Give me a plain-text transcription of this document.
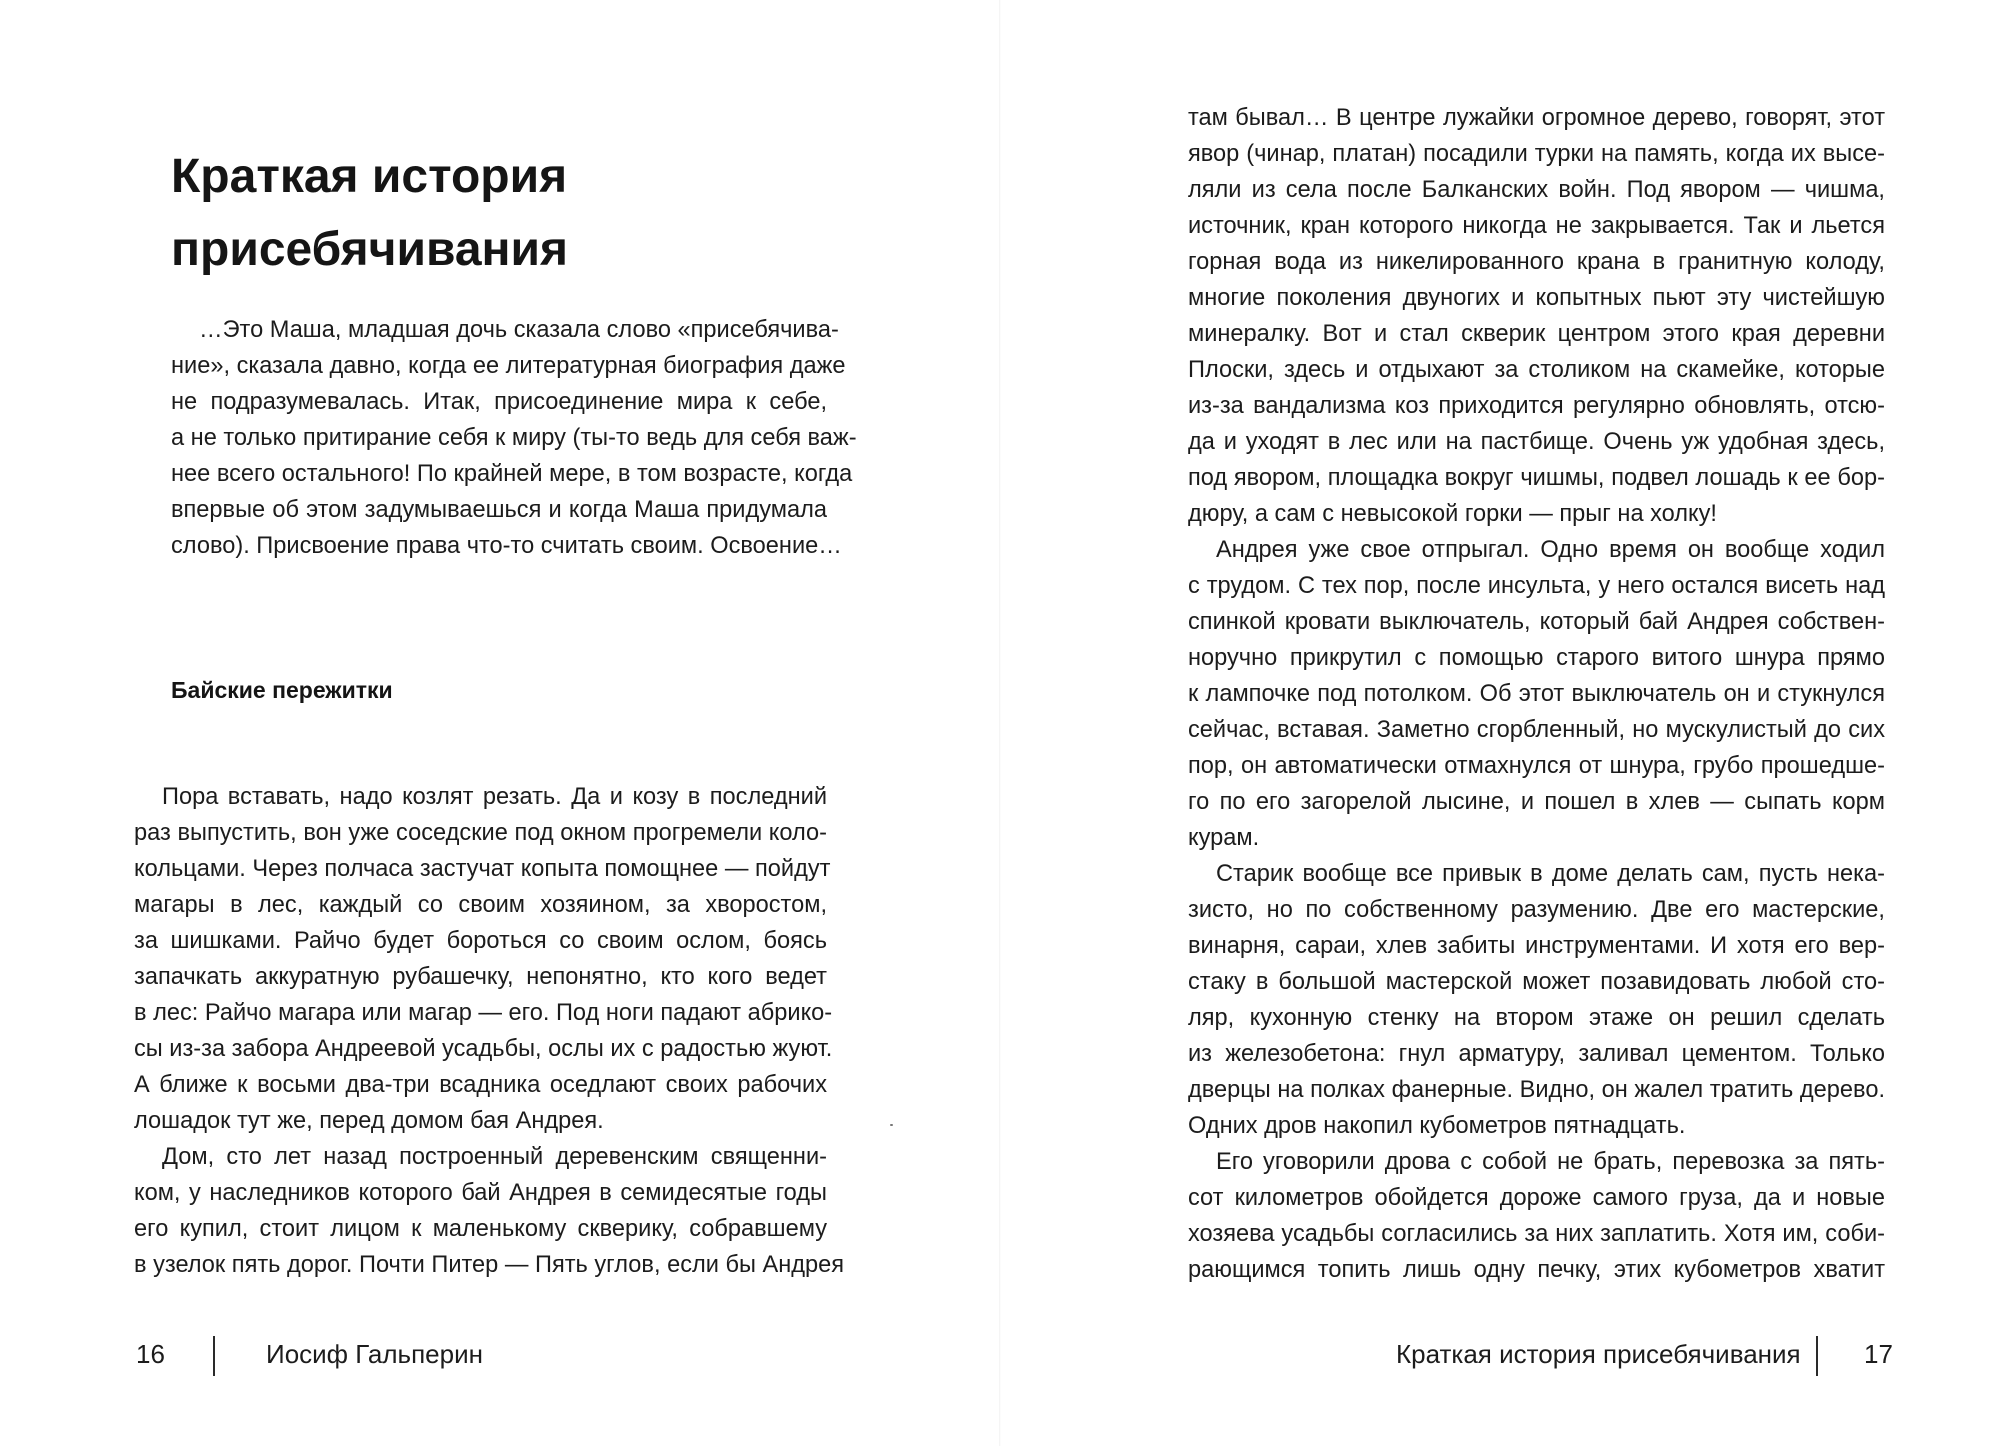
Краткая история
присебячивания
…Это Маша, младшая дочь сказала слово «присебячива-
ние», сказала давно, когда ее литературная биография даже
не подразумевалась. Итак, присоединение мира к себе,
а не только притирание себя к миру (ты-то ведь для себя важ-
нее всего остального! По крайней мере, в том возрасте, когда
впервые об этом задумываешься и когда Маша придумала
слово). Присвоение права что-то считать своим. Освоение…
Байские пережитки
Пора вставать, надо козлят резать. Да и козу в последний
раз выпустить, вон уже соседские под окном прогремели коло-
кольцами. Через полчаса застучат копыта помощнее — пойдут
магары в лес, каждый со своим хозяином, за хворостом,
за шишками. Райчо будет бороться со своим ослом, боясь
запачкать аккуратную рубашечку, непонятно, кто кого ведет
в лес: Райчо магара или магар — его. Под ноги падают абрико-
сы из-за забора Андреевой усадьбы, ослы их с радостью жуют.
А ближе к восьми два-три всадника оседлают своих рабочих
лошадок тут же, перед домом бая Андрея.
Дом, сто лет назад построенный деревенским священни-
ком, у наследников которого бай Андрея в семидесятые годы
его купил, стоит лицом к маленькому скверику, собравшему
в узелок пять дорог. Почти Питер — Пять углов, если бы Андрея
16	Иосиф Гальперин
там бывал… В центре лужайки огромное дерево, говорят, этот
явор (чинар, платан) посадили турки на память, когда их высе-
ляли из села после Балканских войн. Под явором — чишма,
источник, кран которого никогда не закрывается. Так и льется
горная вода из никелированного крана в гранитную колоду,
многие поколения двуногих и копытных пьют эту чистейшую
минералку. Вот и стал скверик центром этого края деревни
Плоски, здесь и отдыхают за столиком на скамейке, которые
из-за вандализма коз приходится регулярно обновлять, отсю-
да и уходят в лес или на пастбище. Очень уж удобная здесь,
под явором, площадка вокруг чишмы, подвел лошадь к ее бор-
дюру, а сам с невысокой горки — прыг на холку!
Андрея уже свое отпрыгал. Одно время он вообще ходил
с трудом. С тех пор, после инсульта, у него остался висеть над
спинкой кровати выключатель, который бай Андрея собствен-
норучно прикрутил с помощью старого витого шнура прямо
к лампочке под потолком. Об этот выключатель он и стукнулся
сейчас, вставая. Заметно сгорбленный, но мускулистый до сих
пор, он автоматически отмахнулся от шнура, грубо прошедше-
го по его загорелой лысине, и пошел в хлев — сыпать корм
курам.
Старик вообще все привык в доме делать сам, пусть нека-
зисто, но по собственному разумению. Две его мастерские,
винарня, сараи, хлев забиты инструментами. И хотя его вер-
стаку в большой мастерской может позавидовать любой сто-
ляр, кухонную стенку на втором этаже он решил сделать
из железобетона: гнул арматуру, заливал цементом. Только
дверцы на полках фанерные. Видно, он жалел тратить дерево.
Одних дров накопил кубометров пятнадцать.
Его уговорили дрова с собой не брать, перевозка за пять-
сот километров обойдется дороже самого груза, да и новые
хозяева усадьбы согласились за них заплатить. Хотя им, соби-
рающимся топить лишь одну печку, этих кубометров хватит
Краткая история присебячивания 17
